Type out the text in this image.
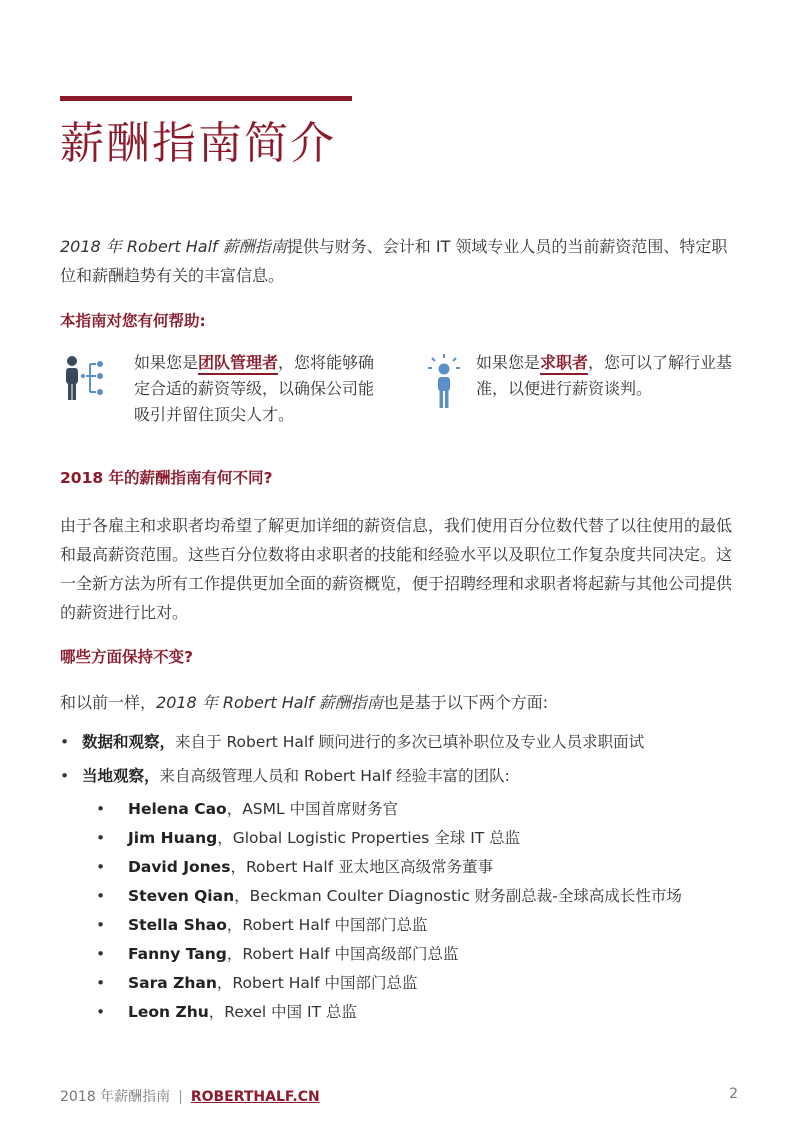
薪酬指南简介

2018 年 Robert Half 薪酬指南提供与财务、会计和 IT 领域专业人员的当前薪资范围、特定职位和薪酬趋势有关的丰富信息。

本指南对您有何帮助:

如果您是团队管理者，您将能够确定合适的薪资等级，以确保公司能吸引并留住顶尖人才。

如果您是求职者，您可以了解行业基准，以便进行薪资谈判。

2018 年的薪酬指南有何不同?

由于各雇主和求职者均希望了解更加详细的薪资信息，我们使用百分位数代替了以往使用的最低和最高薪资范围。这些百分位数将由求职者的技能和经验水平以及职位工作复杂度共同决定。这一全新方法为所有工作提供更加全面的薪资概览，便于招聘经理和求职者将起薪与其他公司提供的薪资进行比对。

哪些方面保持不变?

和以前一样，2018 年 Robert Half 薪酬指南也是基于以下两个方面:

• 数据和观察，来自于 Robert Half 顾问进行的多次已填补职位及专业人员求职面试
• 当地观察，来自高级管理人员和 Robert Half 经验丰富的团队:
• Helena Cao，ASML 中国首席财务官
• Jim Huang，Global Logistic Properties 全球 IT 总监
• David Jones，Robert Half 亚太地区高级常务董事
• Steven Qian，Beckman Coulter Diagnostic 财务副总裁-全球高成长性市场
• Stella Shao，Robert Half 中国部门总监
• Fanny Tang，Robert Half 中国高级部门总监
• Sara Zhan，Robert Half 中国部门总监
• Leon Zhu，Rexel 中国 IT 总监
2018 年薪酬指南 | ROBERTHALF.CN	2
